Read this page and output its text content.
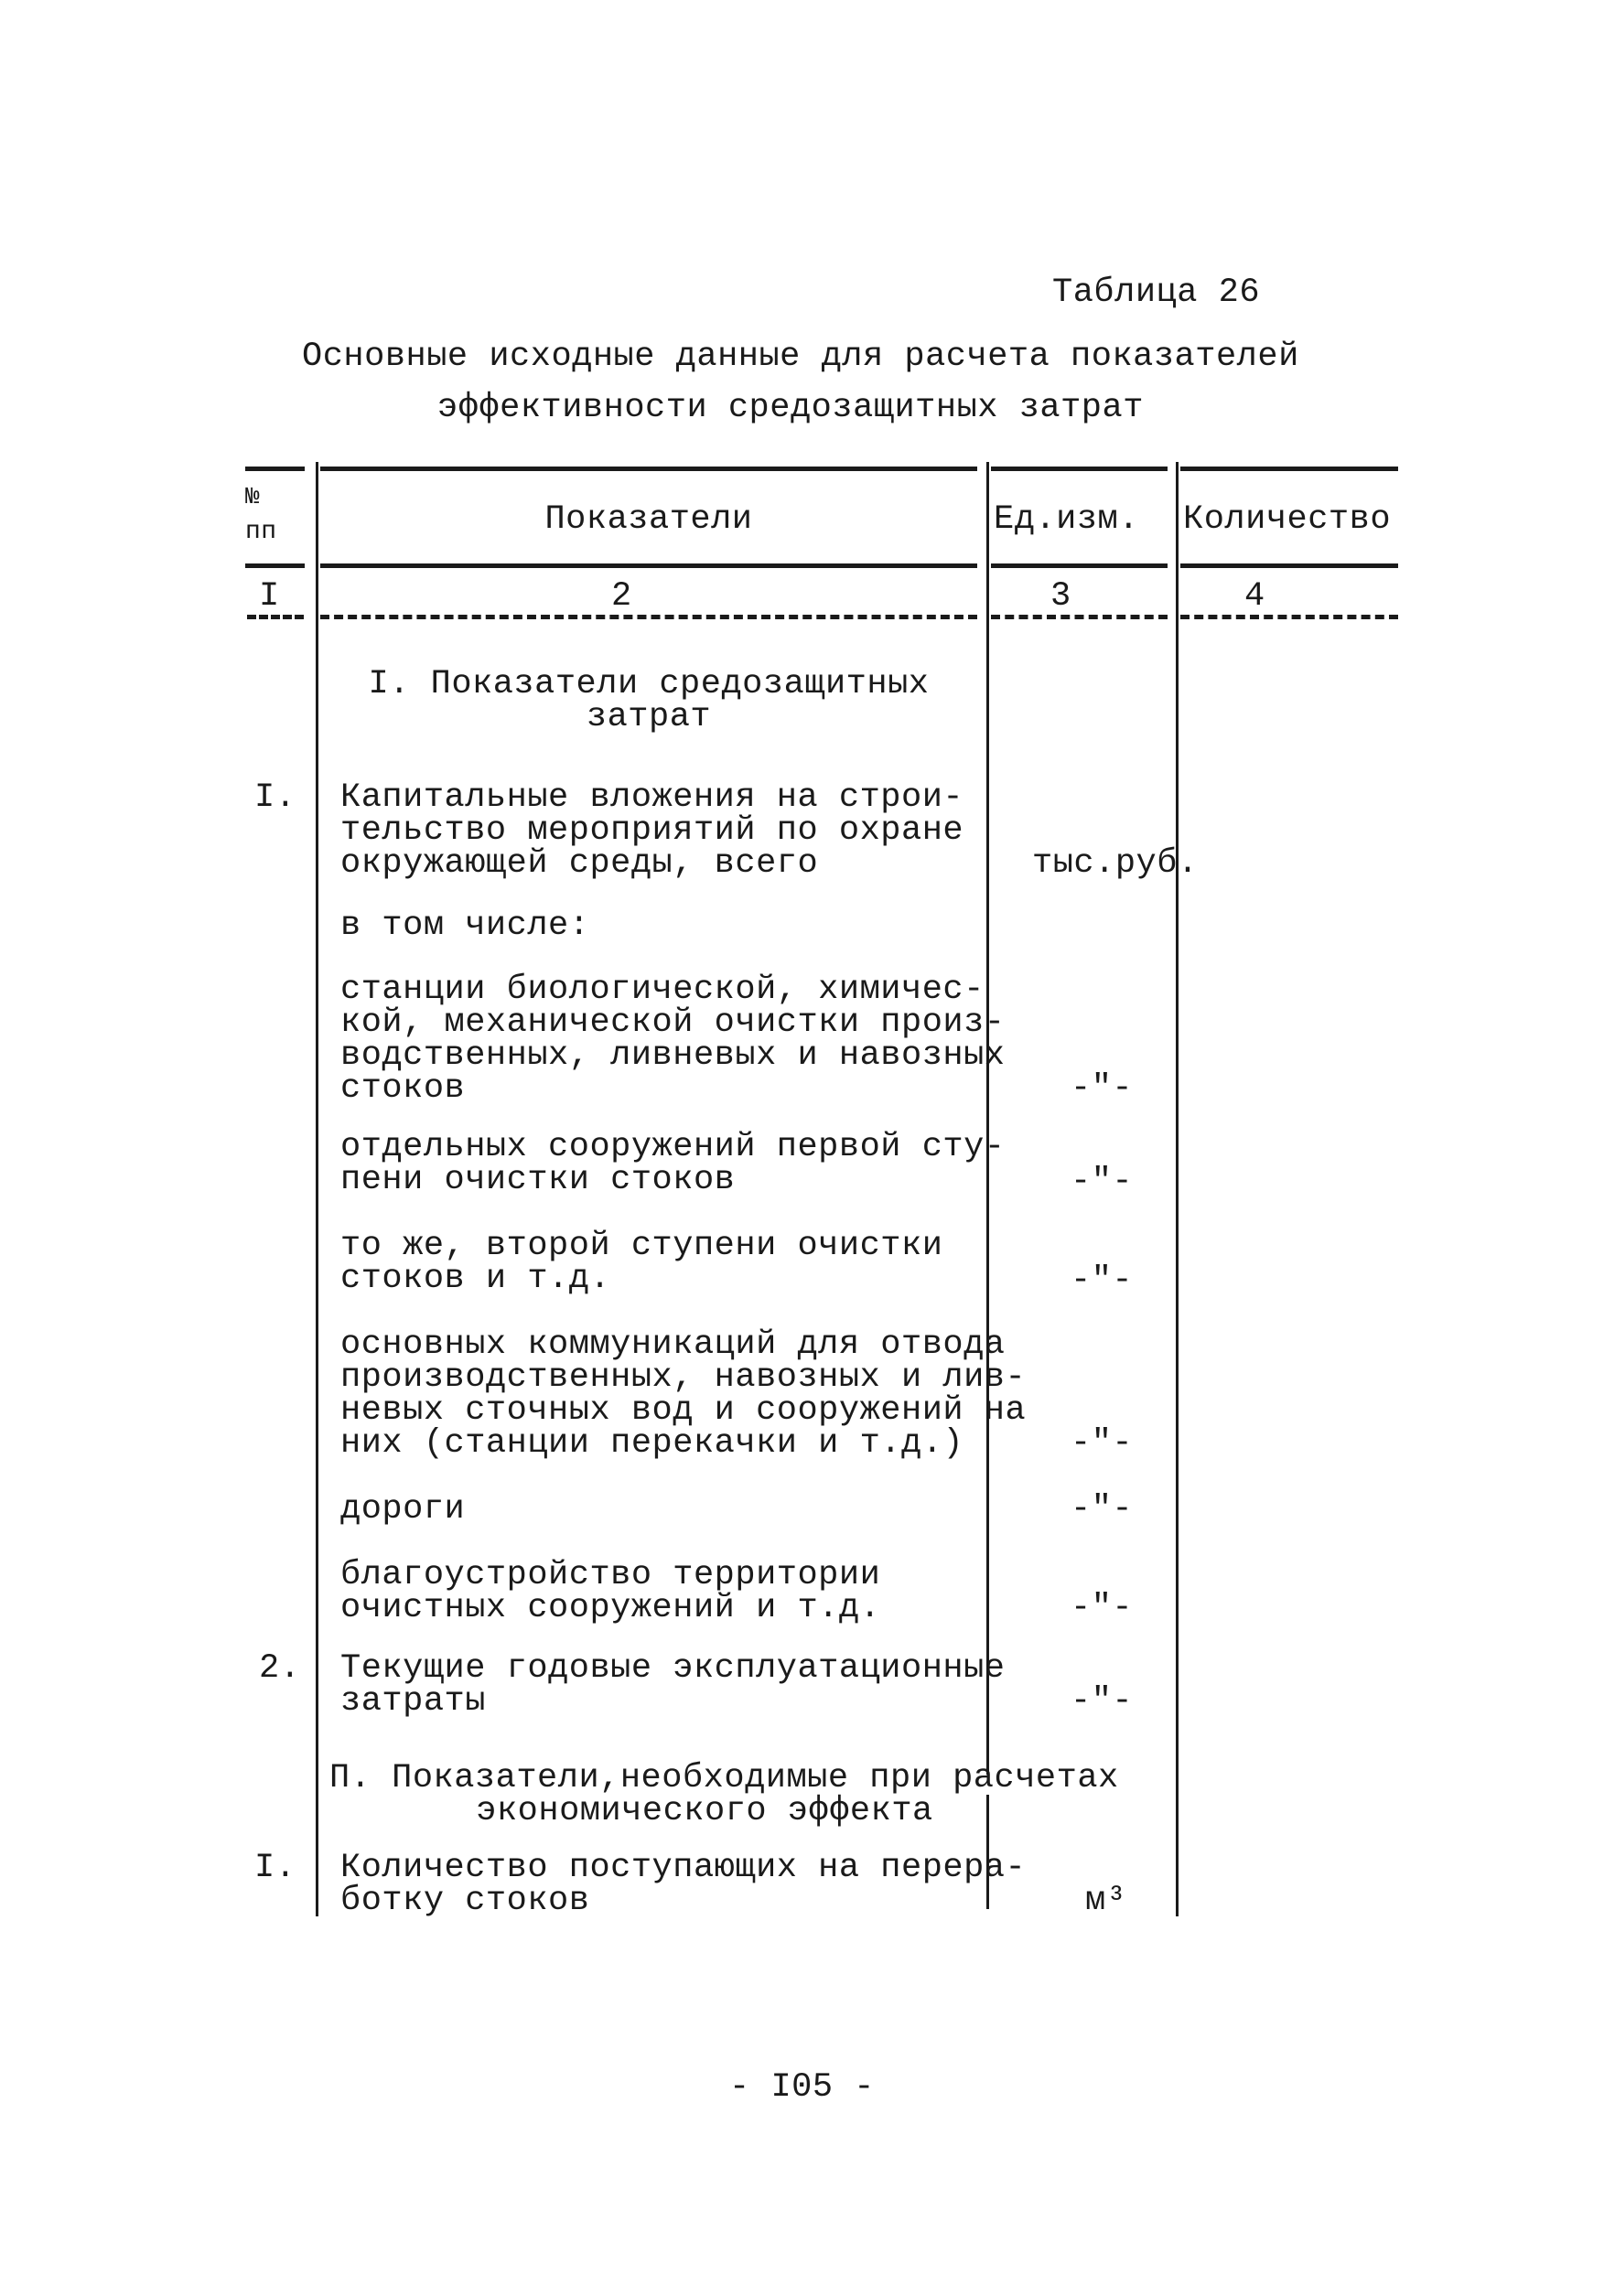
Таблица 26
Основные исходные данные для расчета показателей
эффективности средозащитных затрат
№
пп	Показатели	Ед.изм. Количество
I	2	3	4
I. Показатели средозащитных
затрат
I. Капитальные вложения на строи-
тельство мероприятий по охране
окружающей среды, всего	тыс.руб.
в том числе:
станции биологической, химичес-
кой, механической очистки произ-
водственных, ливневых и навозных
стоков	-"-
отдельных сооружений первой сту-
пени очистки стоков	-"-
то же, второй ступени очистки
стоков и т.д.	-"-
основных коммуникаций для отвода
производственных, навозных и лив-
невых сточных вод и сооружений на
них (станции перекачки и т.д.)	-"-
дороги	-"-
благоустройство территории
очистных сооружений и т.д.	-"-
2. Текущие годовые эксплуатационные
затраты	-"-
П. Показатели,необходимые при расчетах
экономического эффекта
I. Количество поступающих на перера-
ботку стоков	м³
- I05 -
